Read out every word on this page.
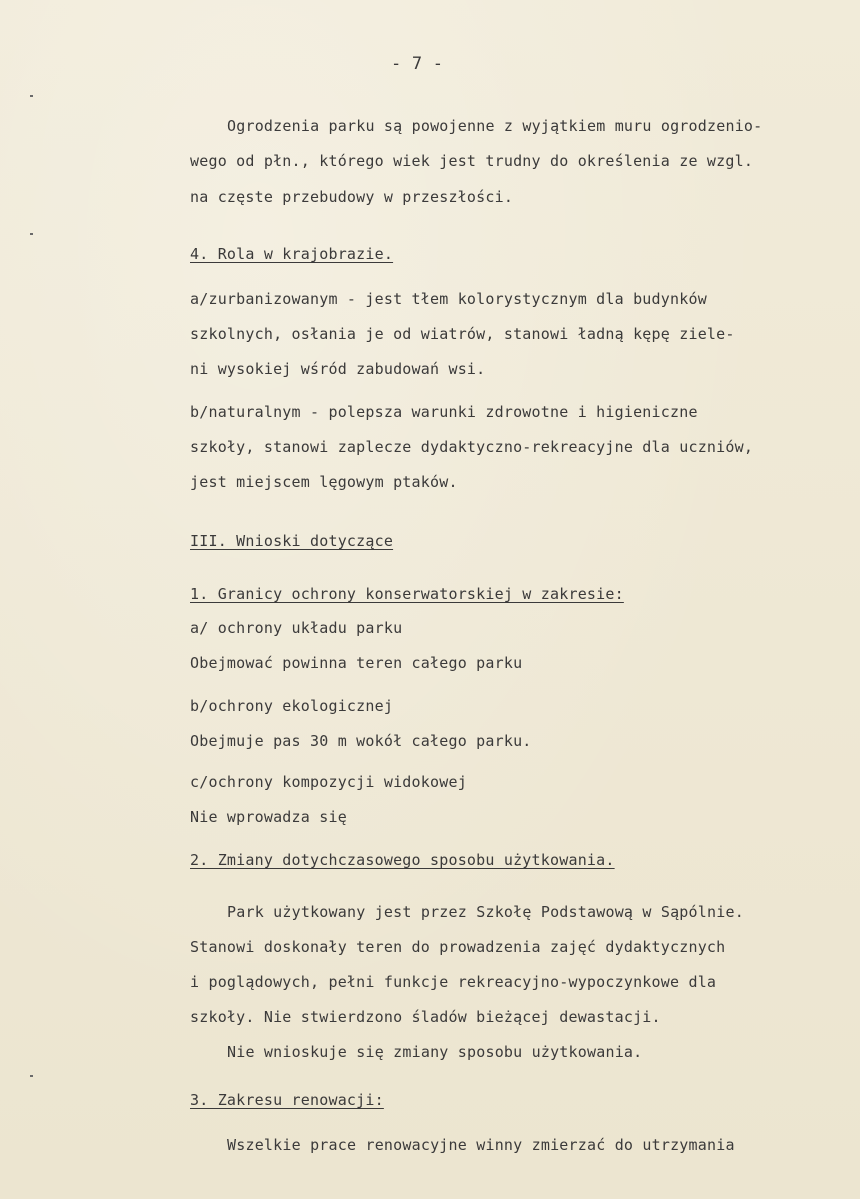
- 7 -
Ogrodzenia parku są powojenne z wyjątkiem muru ogrodzenio-
wego od płn., którego wiek jest trudny do określenia ze wzgl.
na częste przebudowy w przeszłości.
4. Rola w krajobrazie.
a/zurbanizowanym - jest tłem kolorystycznym dla budynków
szkolnych, osłania je od wiatrów, stanowi ładną kępę ziele-
ni wysokiej wśród zabudowań wsi.
b/naturalnym - polepsza warunki zdrowotne i higieniczne
szkoły, stanowi zaplecze dydaktyczno-rekreacyjne dla uczniów,
jest miejscem lęgowym ptaków.
III. Wnioski dotyczące
1. Granicy ochrony konserwatorskiej w zakresie:
a/ ochrony układu parku
Obejmować powinna teren całego parku
b/ochrony ekologicznej
Obejmuje pas 30 m wokół całego parku.
c/ochrony kompozycji widokowej
Nie wprowadza się
2. Zmiany dotychczasowego sposobu użytkowania.
Park użytkowany jest przez Szkołę Podstawową w Sąpólnie.
Stanowi doskonały teren do prowadzenia zajęć dydaktycznych
i poglądowych, pełni funkcje rekreacyjno-wypoczynkowe dla
szkoły. Nie stwierdzono śladów bieżącej dewastacji.
Nie wnioskuje się zmiany sposobu użytkowania.
3. Zakresu renowacji:
Wszelkie prace renowacyjne winny zmierzać do utrzymania
